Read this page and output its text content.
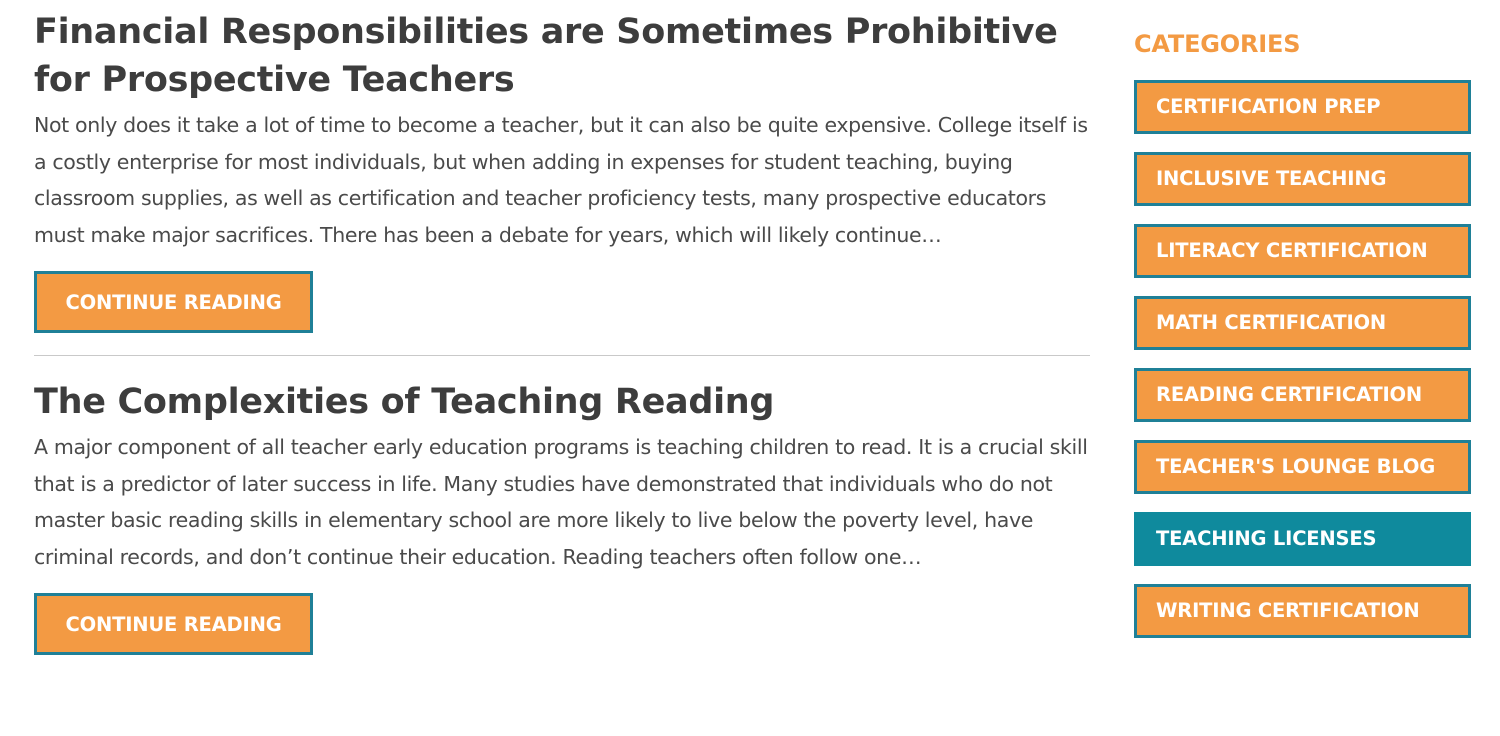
Financial Responsibilities are Sometimes Prohibitive for Prospective Teachers

Not only does it take a lot of time to become a teacher, but it can also be quite expensive. College itself is a costly enterprise for most individuals, but when adding in expenses for student teaching, buying classroom supplies, as well as certification and teacher proficiency tests, many prospective educators must make major sacrifices. There has been a debate for years, which will likely continue…

CONTINUE READING
The Complexities of Teaching Reading

A major component of all teacher early education programs is teaching children to read. It is a crucial skill that is a predictor of later success in life. Many studies have demonstrated that individuals who do not master basic reading skills in elementary school are more likely to live below the poverty level, have criminal records, and don’t continue their education. Reading teachers often follow one…

CONTINUE READING
CATEGORIES
CERTIFICATION PREP
INCLUSIVE TEACHING
LITERACY CERTIFICATION
MATH CERTIFICATION
READING CERTIFICATION
TEACHER'S LOUNGE BLOG
TEACHING LICENSES
WRITING CERTIFICATION
